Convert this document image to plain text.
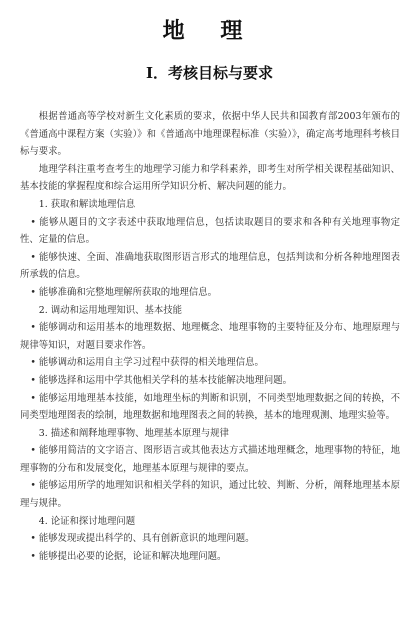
地 理
Ⅰ．考核目标与要求

根据普通高等学校对新生文化素质的要求，依据中华人民共和国教育部2003年颁布的《普通高中课程方案（实验）》和《普通高中地理课程标准（实验）》，确定高考地理科考核目标与要求。

地理学科注重考查考生的地理学习能力和学科素养，即考生对所学相关课程基础知识、基本技能的掌握程度和综合运用所学知识分析、解决问题的能力。

1. 获取和解读地理信息

• 能够从题目的文字表述中获取地理信息，包括读取题目的要求和各种有关地理事物定性、定量的信息。

• 能够快速、全面、准确地获取图形语言形式的地理信息，包括判读和分析各种地理图表所承载的信息。

• 能够准确和完整地理解所获取的地理信息。

2. 调动和运用地理知识、基本技能

• 能够调动和运用基本的地理数据、地理概念、地理事物的主要特征及分布、地理原理与规律等知识，对题目要求作答。

• 能够调动和运用自主学习过程中获得的相关地理信息。

• 能够选择和运用中学其他相关学科的基本技能解决地理问题。

• 能够运用地理基本技能，如地理坐标的判断和识别，不同类型地理数据之间的转换，不同类型地理图表的绘制，地理数据和地理图表之间的转换，基本的地理观测、地理实验等。

3. 描述和阐释地理事物、地理基本原理与规律

• 能够用简洁的文字语言、图形语言或其他表达方式描述地理概念，地理事物的特征，地理事物的分布和发展变化，地理基本原理与规律的要点。

• 能够运用所学的地理知识和相关学科的知识，通过比较、判断、分析，阐释地理基本原理与规律。

4. 论证和探讨地理问题

• 能够发现或提出科学的、具有创新意识的地理问题。

• 能够提出必要的论据，论证和解决地理问题。
